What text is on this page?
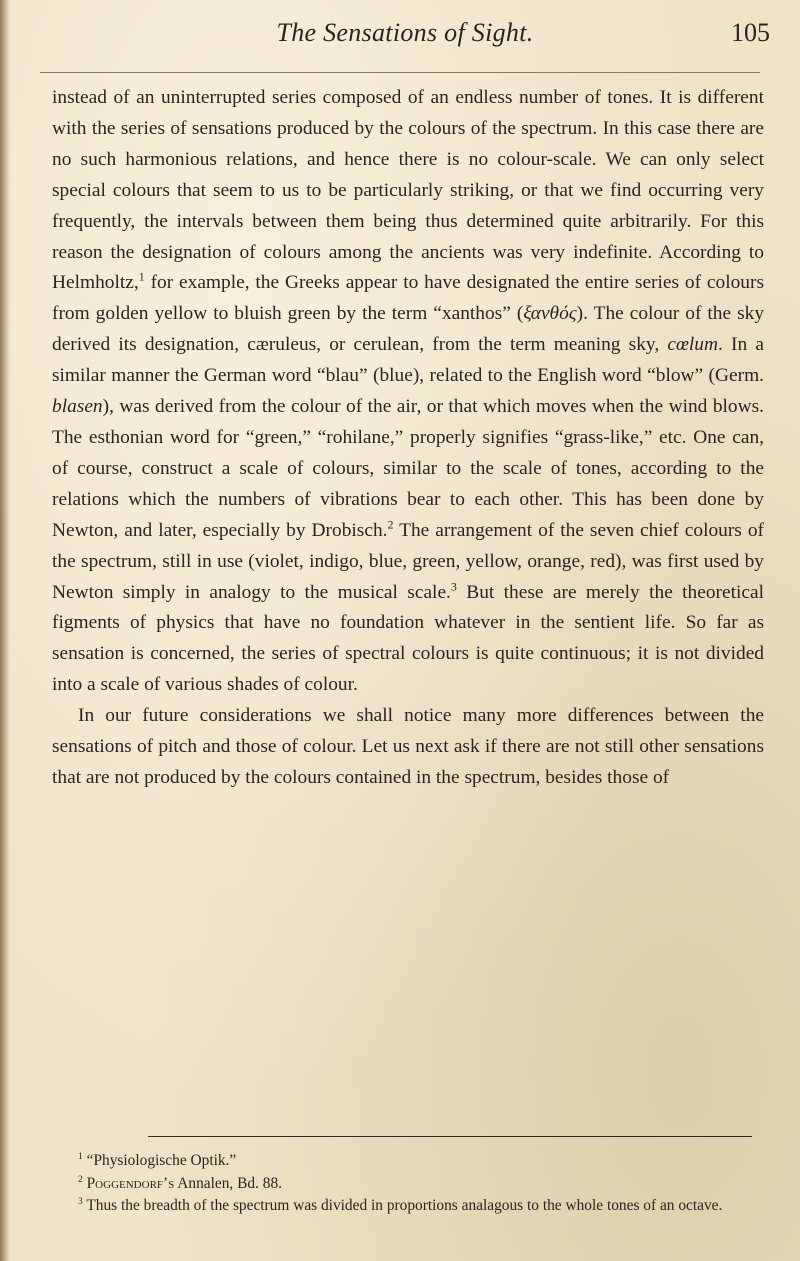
The Sensations of Sight.	105

instead of an uninterrupted series composed of an endless number of tones. It is different with the series of sensations produced by the colours of the spectrum. In this case there are no such harmonious relations, and hence there is no colour-scale. We can only select special colours that seem to us to be particularly striking, or that we find occurring very frequently, the intervals between them being thus determined quite arbitrarily. For this reason the designation of colours among the ancients was very indefinite. According to Helmholtz,$^1$ for example, the Greeks appear to have designated the entire series of colours from golden yellow to bluish green by the term “xanthos” (ξανθός). The colour of the sky derived its designation, cæruleus, or cerulean, from the term meaning sky, cœlum. In a similar manner the German word “blau” (blue), related to the English word “blow” (Germ. blasen), was derived from the colour of the air, or that which moves when the wind blows. The esthonian word for “green,” “rohilane,” properly signifies “grass-like,” etc. One can, of course, construct a scale of colours, similar to the scale of tones, according to the relations which the numbers of vibrations bear to each other. This has been done by Newton, and later, especially by Drobisch.$^2$ The arrangement of the seven chief colours of the spectrum, still in use (violet, indigo, blue, green, yellow, orange, red), was first used by Newton simply in analogy to the musical scale.$^3$ But these are merely the theoretical figments of physics that have no foundation whatever in the sentient life. So far as sensation is concerned, the series of spectral colours is quite continuous; it is not divided into a scale of various shades of colour.

In our future considerations we shall notice many more differences between the sensations of pitch and those of colour. Let us next ask if there are not still other sensations that are not produced by the colours contained in the spectrum, besides those of

$^1$ “Physiologische Optik.”

$^2$ Poggendorf’s Annalen, Bd. 88.

$^3$ Thus the breadth of the spectrum was divided in proportions analagous to the whole tones of an octave.
